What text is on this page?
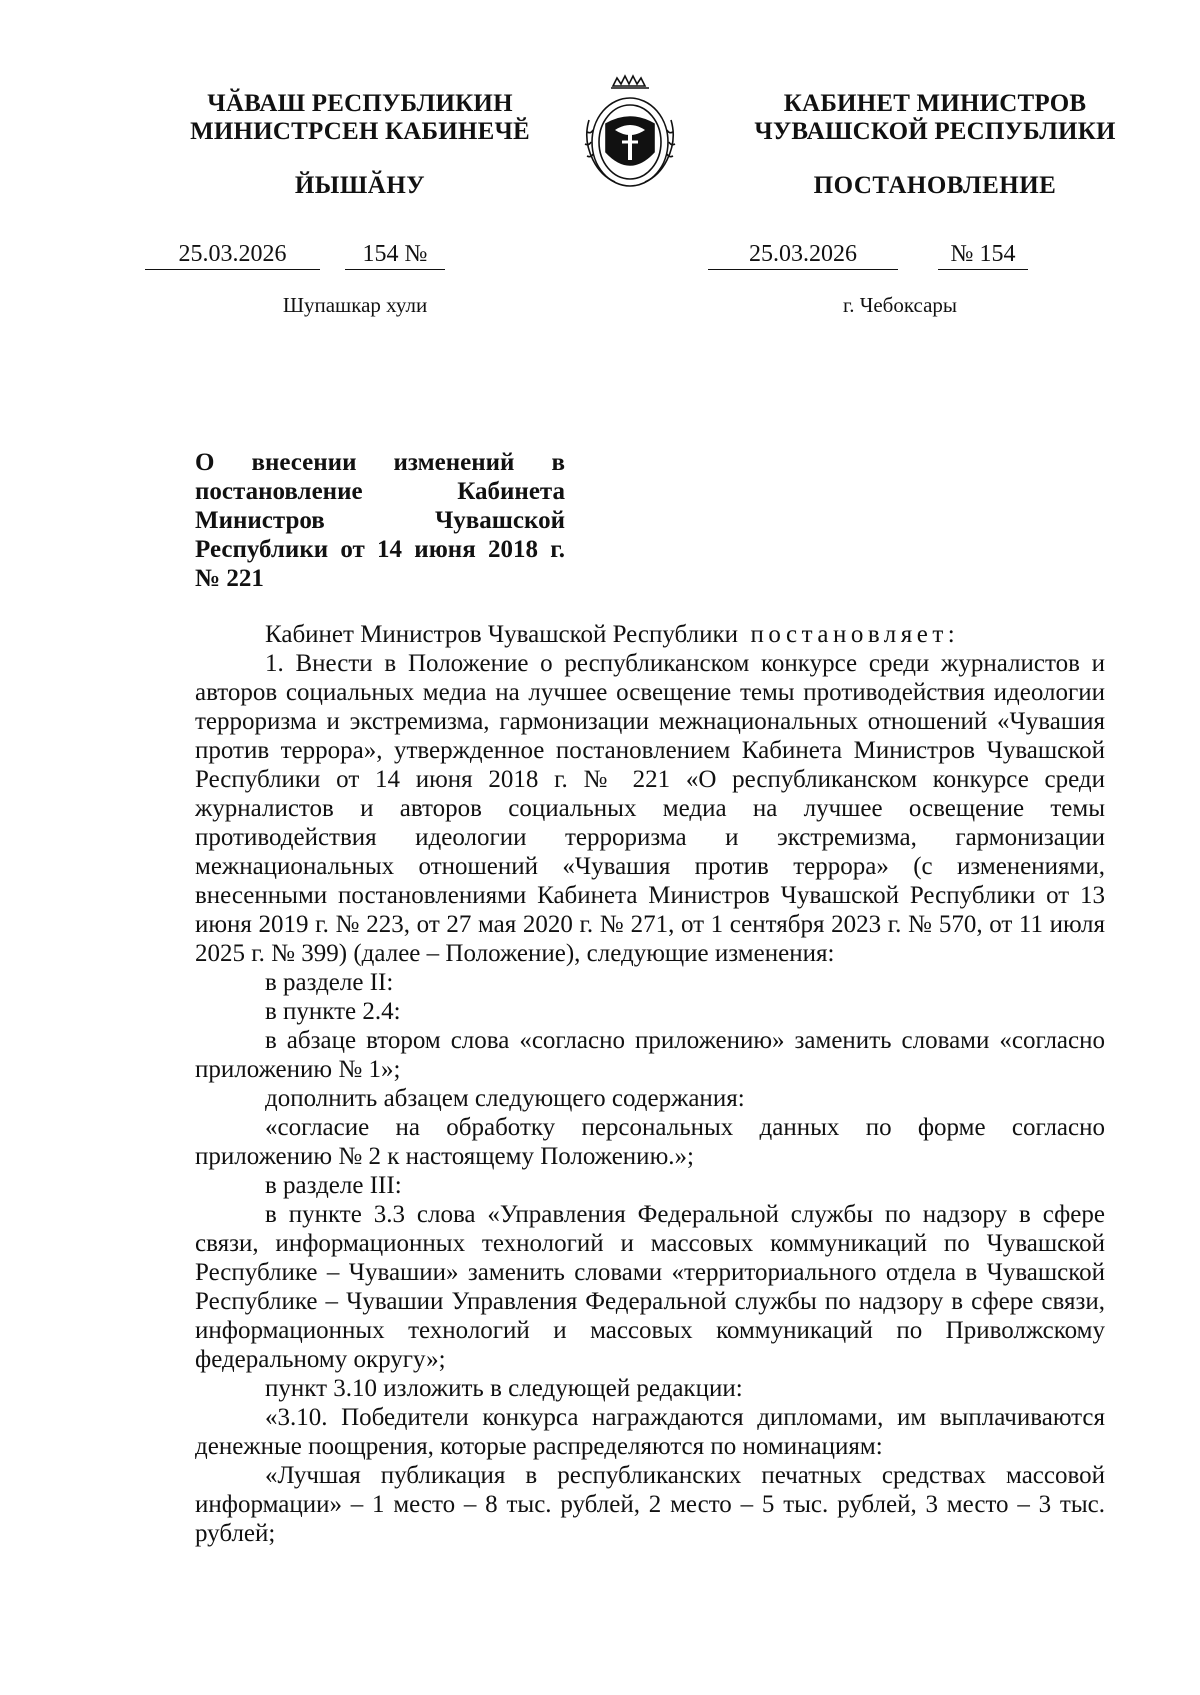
ЧӐВАШ РЕСПУБЛИКИН
МИНИСТРСЕН КАБИНЕЧӖ
ЙЫШӐНУ
КАБИНЕТ МИНИСТРОВ
ЧУВАШСКОЙ РЕСПУБЛИКИ
ПОСТАНОВЛЕНИЕ
25.03.2026	154 №	25.03.2026	№ 154
Шупашкар хули	г. Чебоксары
О внесении изменений в постановление Кабинета Министров Чувашской Республики от 14 июня 2018 г. № 221

Кабинет Министров Чувашской Республики постановляет:

1. Внести в Положение о республиканском конкурсе среди журналистов и авторов социальных медиа на лучшее освещение темы противодействия идеологии терроризма и экстремизма, гармонизации межнациональных отношений «Чувашия против террора», утвержденное постановлением Кабинета Министров Чувашской Республики от 14 июня 2018 г. № 221 «О республиканском конкурсе среди журналистов и авторов социальных медиа на лучшее освещение темы противодействия идеологии терроризма и экстремизма, гармонизации межнациональных отношений «Чувашия против террора» (с изменениями, внесенными постановлениями Кабинета Министров Чувашской Республики от 13 июня 2019 г. № 223, от 27 мая 2020 г. № 271, от 1 сентября 2023 г. № 570, от 11 июля 2025 г. № 399) (далее – Положение), следующие изменения:

в разделе II:

в пункте 2.4:

в абзаце втором слова «согласно приложению» заменить словами «согласно приложению № 1»;

дополнить абзацем следующего содержания:

«согласие на обработку персональных данных по форме согласно приложению № 2 к настоящему Положению.»;

в разделе III:

в пункте 3.3 слова «Управления Федеральной службы по надзору в сфере связи, информационных технологий и массовых коммуникаций по Чувашской Республике – Чувашии» заменить словами «территориального отдела в Чувашской Республике – Чувашии Управления Федеральной службы по надзору в сфере связи, информационных технологий и массовых коммуникаций по Приволжскому федеральному округу»;

пункт 3.10 изложить в следующей редакции:

«3.10. Победители конкурса награждаются дипломами, им выплачиваются денежные поощрения, которые распределяются по номинациям:

«Лучшая публикация в республиканских печатных средствах массовой информации» – 1 место – 8 тыс. рублей, 2 место – 5 тыс. рублей, 3 место – 3 тыс. рублей;
